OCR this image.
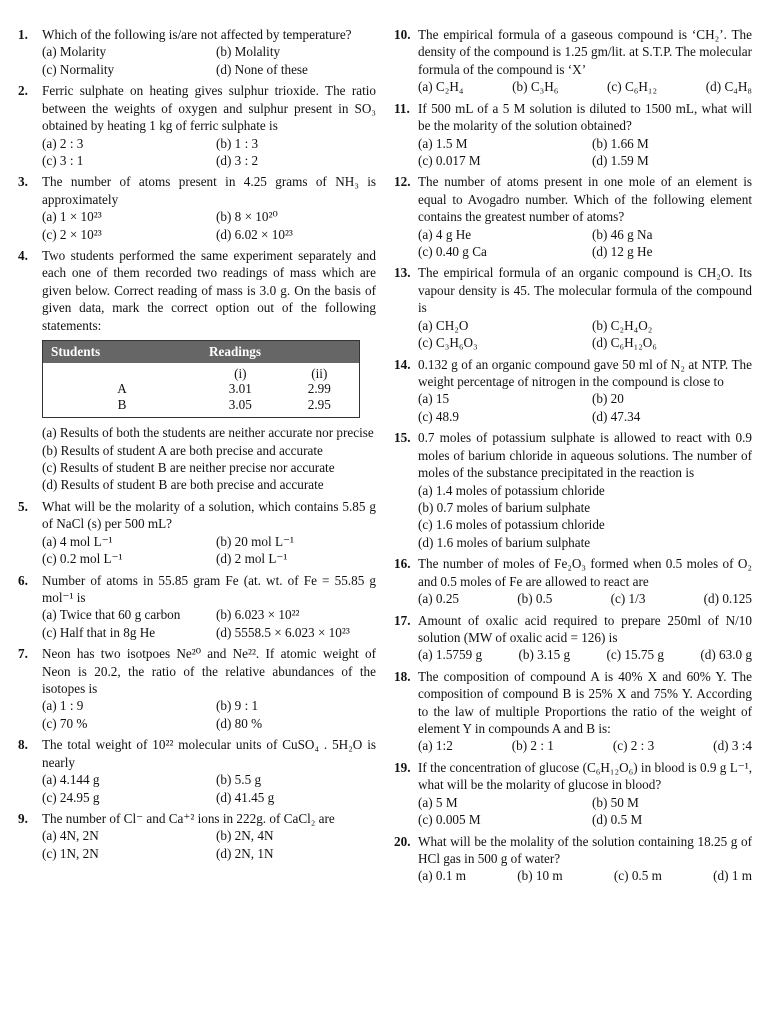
1.	Which of the following is/are not affected by temperature?
(a) Molarity	(b) Molality
(c) Normality	(d) None of these
2.	Ferric sulphate on heating gives sulphur trioxide. The ratio between the weights of oxygen and sulphur present in SO₃ obtained by heating 1 kg of ferric sulphate is
(a) 2 : 3	(b) 1 : 3
(c) 3 : 1	(d) 3 : 2
3.	The number of atoms present in 4.25 grams of NH₃ is approximately
(a) 1 × 10²³	(b) 8 × 10²⁰
(c) 2 × 10²³	(d) 6.02 × 10²³
4.	Two students performed the same experiment separately and each one of them recorded two readings of mass which are given below. Correct reading of mass is 3.0 g. On the basis of given data, mark the correct option out of the following statements:
Students	Readings	
	(i)	(ii)
A	3.01	2.99
B	3.05	2.95
(a) Results of both the students are neither accurate nor precise
(b) Results of student A are both precise and accurate
(c) Results of student B are neither precise nor accurate
(d) Results of student B are both precise and accurate
5.	What will be the molarity of a solution, which contains 5.85 g of NaCl (s) per 500 mL?
(a) 4 mol L⁻¹	(b) 20 mol L⁻¹
(c) 0.2 mol L⁻¹	(d) 2 mol L⁻¹
6.	Number of atoms in 55.85 gram Fe (at. wt. of Fe = 55.85 g mol⁻¹ is
(a) Twice that 60 g carbon	(b) 6.023 × 10²²
(c) Half that in 8g He	(d) 5558.5 × 6.023 × 10²³
7.	Neon has two isotpoes Ne²⁰ and Ne²². If atomic weight of Neon is 20.2, the ratio of the relative abundances of the isotopes is
(a) 1 : 9	(b) 9 : 1
(c) 70 %	(d) 80 %
8.	The total weight of 10²² molecular units of CuSO₄ . 5H₂O is nearly
(a) 4.144 g	(b) 5.5 g
(c) 24.95 g	(d) 41.45 g
9.	The number of Cl⁻ and Ca⁺² ions in 222g. of CaCl₂ are
(a) 4N, 2N	(b) 2N, 4N
(c) 1N, 2N	(d) 2N, 1N
10. The empirical formula of a gaseous compound is ‘CH₂’. The density of the compound is 1.25 gm/lit. at S.T.P. The molecular formula of the compound is ‘X’
(a) C₂H₄	(b) C₃H₆	(c) C₆H₁₂	(d) C₄H₈
11. If 500 mL of a 5 M solution is diluted to 1500 mL, what will be the molarity of the solution obtained?
(a) 1.5 M	(b) 1.66 M
(c) 0.017 M	(d) 1.59 M
12. The number of atoms present in one mole of an element is equal to Avogadro number. Which of the following element contains the greatest number of atoms?
(a) 4 g He	(b) 46 g Na
(c) 0.40 g Ca	(d) 12 g He
13. The empirical formula of an organic compound is CH₂O. Its vapour density is 45. The molecular formula of the compound is
(a) CH₂O	(b) C₂H₄O₂
(c) C₃H₆O₃	(d) C₆H₁₂O₆
14. 0.132 g of an organic compound gave 50 ml of N₂ at NTP. The weight percentage of nitrogen in the compound is close to
(a) 15	(b) 20
(c) 48.9	(d) 47.34
15. 0.7 moles of potassium sulphate is allowed to react with 0.9 moles of barium chloride in aqueous solutions. The number of moles of the substance precipitated in the reaction is
(a) 1.4 moles of potassium chloride
(b) 0.7 moles of barium sulphate
(c) 1.6 moles of potassium chloride
(d) 1.6 moles of barium sulphate
16. The number of moles of Fe₂O₃ formed when 0.5 moles of O₂ and 0.5 moles of Fe are allowed to react are
(a) 0.25	(b) 0.5	(c) 1/3	(d) 0.125
17. Amount of oxalic acid required to prepare 250ml of N/10 solution (MW of oxalic acid = 126) is
(a) 1.5759 g	(b) 3.15 g	(c) 15.75 g	(d) 63.0 g
18. The composition of compound A is 40% X and 60% Y. The composition of compound B is 25% X and 75% Y. According to the law of multiple Proportions the ratio of the weight of element Y in compounds A and B is:
(a) 1:2	(b) 2 : 1	(c) 2 : 3	(d) 3 :4
19. If the concentration of glucose (C₆H₁₂O₆) in blood is 0.9 g L⁻¹, what will be the molarity of glucose in blood?
(a) 5 M	(b) 50 M
(c) 0.005 M	(d) 0.5 M
20. What will be the molality of the solution containing 18.25 g of HCl gas in 500 g of water?
(a) 0.1 m	(b) 10 m	(c) 0.5 m	(d) 1 m
